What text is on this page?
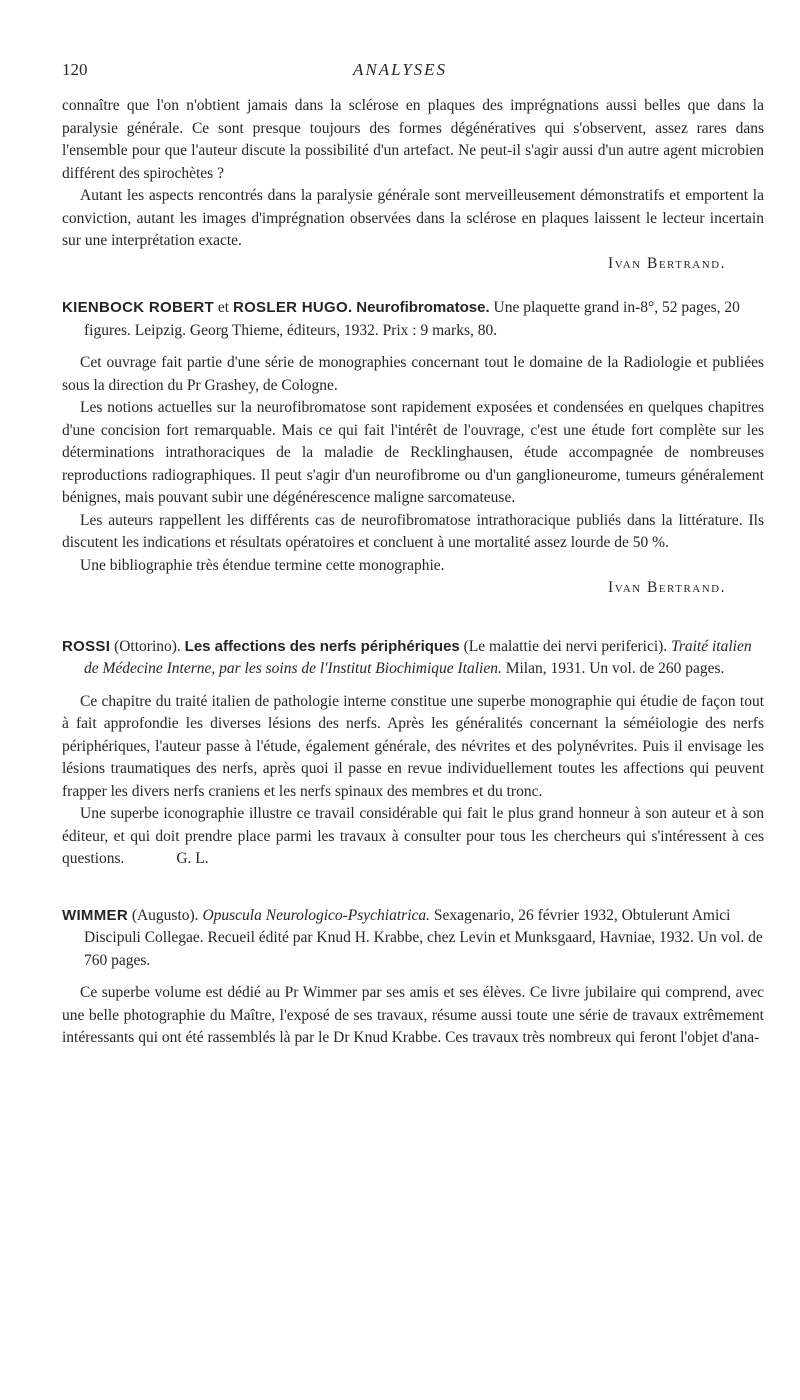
120	ANALYSES

connaître que l'on n'obtient jamais dans la sclérose en plaques des imprégnations aussi belles que dans la paralysie générale. Ce sont presque toujours des formes dégénératives qui s'observent, assez rares dans l'ensemble pour que l'auteur discute la possibilité d'un artefact. Ne peut-il s'agir aussi d'un autre agent microbien différent des spirochètes ?

Autant les aspects rencontrés dans la paralysie générale sont merveilleusement démonstratifs et emportent la conviction, autant les images d'imprégnation observées dans la sclérose en plaques laissent le lecteur incertain sur une interprétation exacte.

Ivan Bertrand.

KIENBOCK ROBERT et ROSLER HUGO. Neurofibromatose. Une plaquette grand in-8°, 52 pages, 20 figures. Leipzig. Georg Thieme, éditeurs, 1932. Prix : 9 marks, 80.

Cet ouvrage fait partie d'une série de monographies concernant tout le domaine de la Radiologie et publiées sous la direction du Pr Grashey, de Cologne.

Les notions actuelles sur la neurofibromatose sont rapidement exposées et condensées en quelques chapitres d'une concision fort remarquable. Mais ce qui fait l'intérêt de l'ouvrage, c'est une étude fort complète sur les déterminations intrathoraciques de la maladie de Recklinghausen, étude accompagnée de nombreuses reproductions radiographiques. Il peut s'agir d'un neurofibrome ou d'un ganglioneurome, tumeurs généralement bénignes, mais pouvant subir une dégénérescence maligne sarcomateuse.

Les auteurs rappellent les différents cas de neurofibromatose intrathoracique publiés dans la littérature. Ils discutent les indications et résultats opératoires et concluent à une mortalité assez lourde de 50 %.

Une bibliographie très étendue termine cette monographie.

Ivan Bertrand.

ROSSI (Ottorino). Les affections des nerfs périphériques (Le malattie dei nervi periferici). Traité italien de Médecine Interne, par les soins de l'Institut Biochimique Italien. Milan, 1931. Un vol. de 260 pages.

Ce chapitre du traité italien de pathologie interne constitue une superbe monographie qui étudie de façon tout à fait approfondie les diverses lésions des nerfs. Après les généralités concernant la séméiologie des nerfs périphériques, l'auteur passe à l'étude, également générale, des névrites et des polynévrites. Puis il envisage les lésions traumatiques des nerfs, après quoi il passe en revue individuellement toutes les affections qui peuvent frapper les divers nerfs craniens et les nerfs spinaux des membres et du tronc.

Une superbe iconographie illustre ce travail considérable qui fait le plus grand honneur à son auteur et à son éditeur, et qui doit prendre place parmi les travaux à consulter pour tous les chercheurs qui s'intéressent à ces questions.	G. L.

WIMMER (Augusto). Opuscula Neurologico-Psychiatrica. Sexagenario, 26 février 1932, Obtulerunt Amici Discipuli Collegae. Recueil édité par Knud H. Krabbe, chez Levin et Munksgaard, Havniae, 1932. Un vol. de 760 pages.

Ce superbe volume est dédié au Pr Wimmer par ses amis et ses élèves. Ce livre jubilaire qui comprend, avec une belle photographie du Maître, l'exposé de ses travaux, résume aussi toute une série de travaux extrêmement intéressants qui ont été rassemblés là par le Dr Knud Krabbe. Ces travaux très nombreux qui feront l'objet d'ana-
